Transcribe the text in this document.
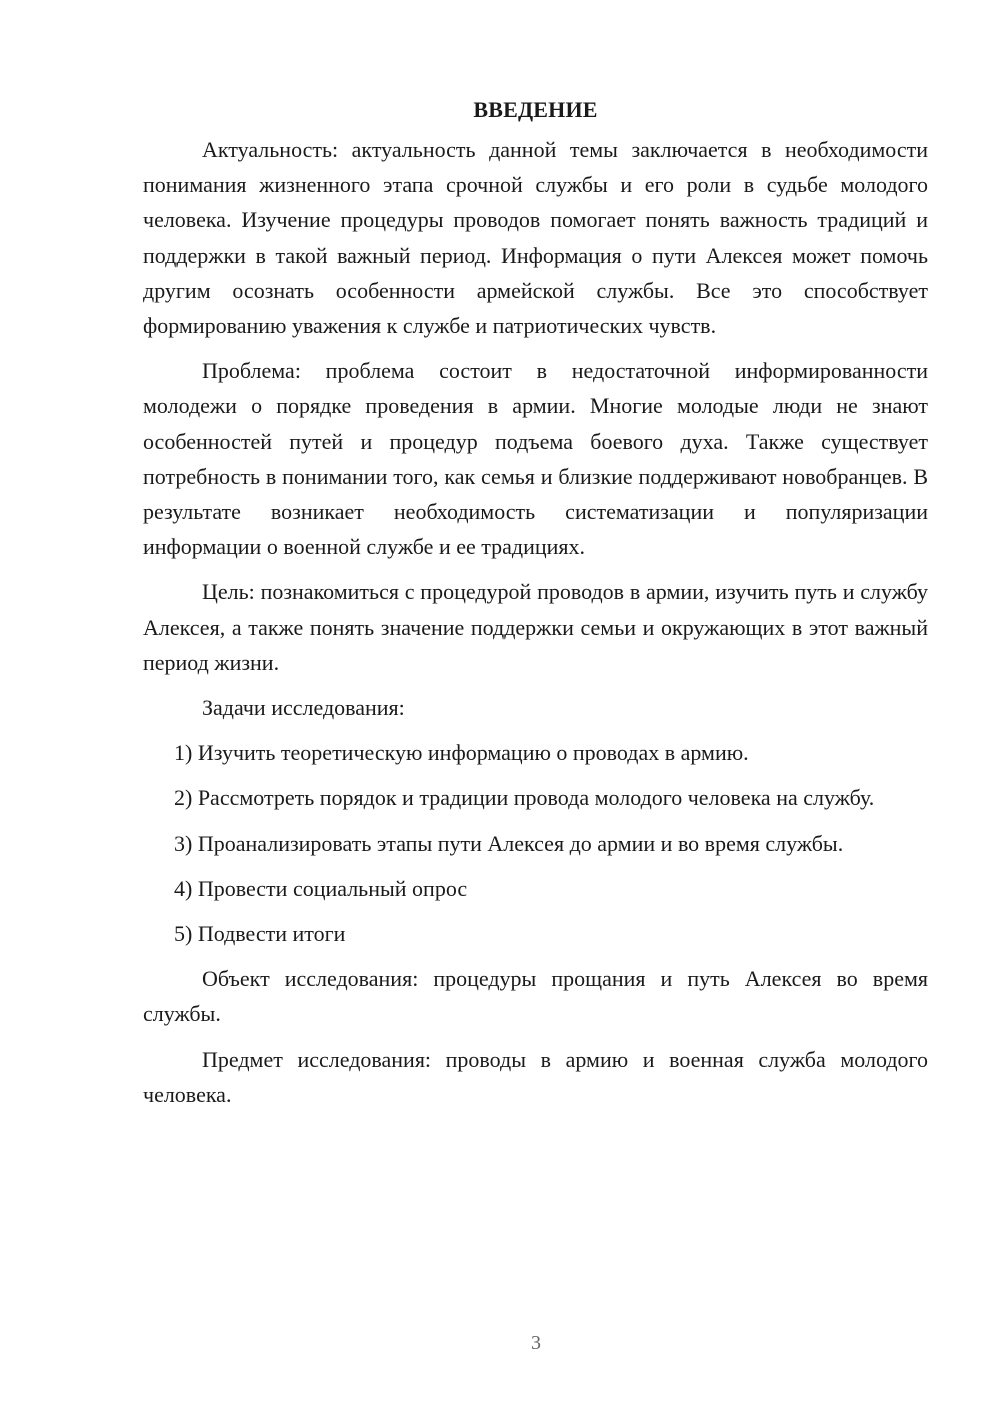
ВВЕДЕНИЕ

Актуальность: актуальность данной темы заключается в необходимости понимания жизненного этапа срочной службы и его роли в судьбе молодого человека. Изучение процедуры проводов помогает понять важность традиций и поддержки в такой важный период. Информация о пути Алексея может помочь другим осознать особенности армейской службы. Все это способствует формированию уважения к службе и патриотических чувств.

Проблема: проблема состоит в недостаточной информированности молодежи о порядке проведения в армии. Многие молодые люди не знают особенностей путей и процедур подъема боевого духа. Также существует потребность в понимании того, как семья и близкие поддерживают новобранцев. В результате возникает необходимость систематизации и популяризации информации о военной службе и ее традициях.

Цель: познакомиться с процедурой проводов в армии, изучить путь и службу Алексея, а также понять значение поддержки семьи и окружающих в этот важный период жизни.

Задачи исследования:

1) Изучить теоретическую информацию о проводах в армию.

2) Рассмотреть порядок и традиции провода молодого человека на службу.

3) Проанализировать этапы пути Алексея до армии и во время службы.

4) Провести социальный опрос

5) Подвести итоги

Объект исследования: процедуры прощания и путь Алексея во время службы.

Предмет исследования: проводы в армию и военная служба молодого человека.

3
